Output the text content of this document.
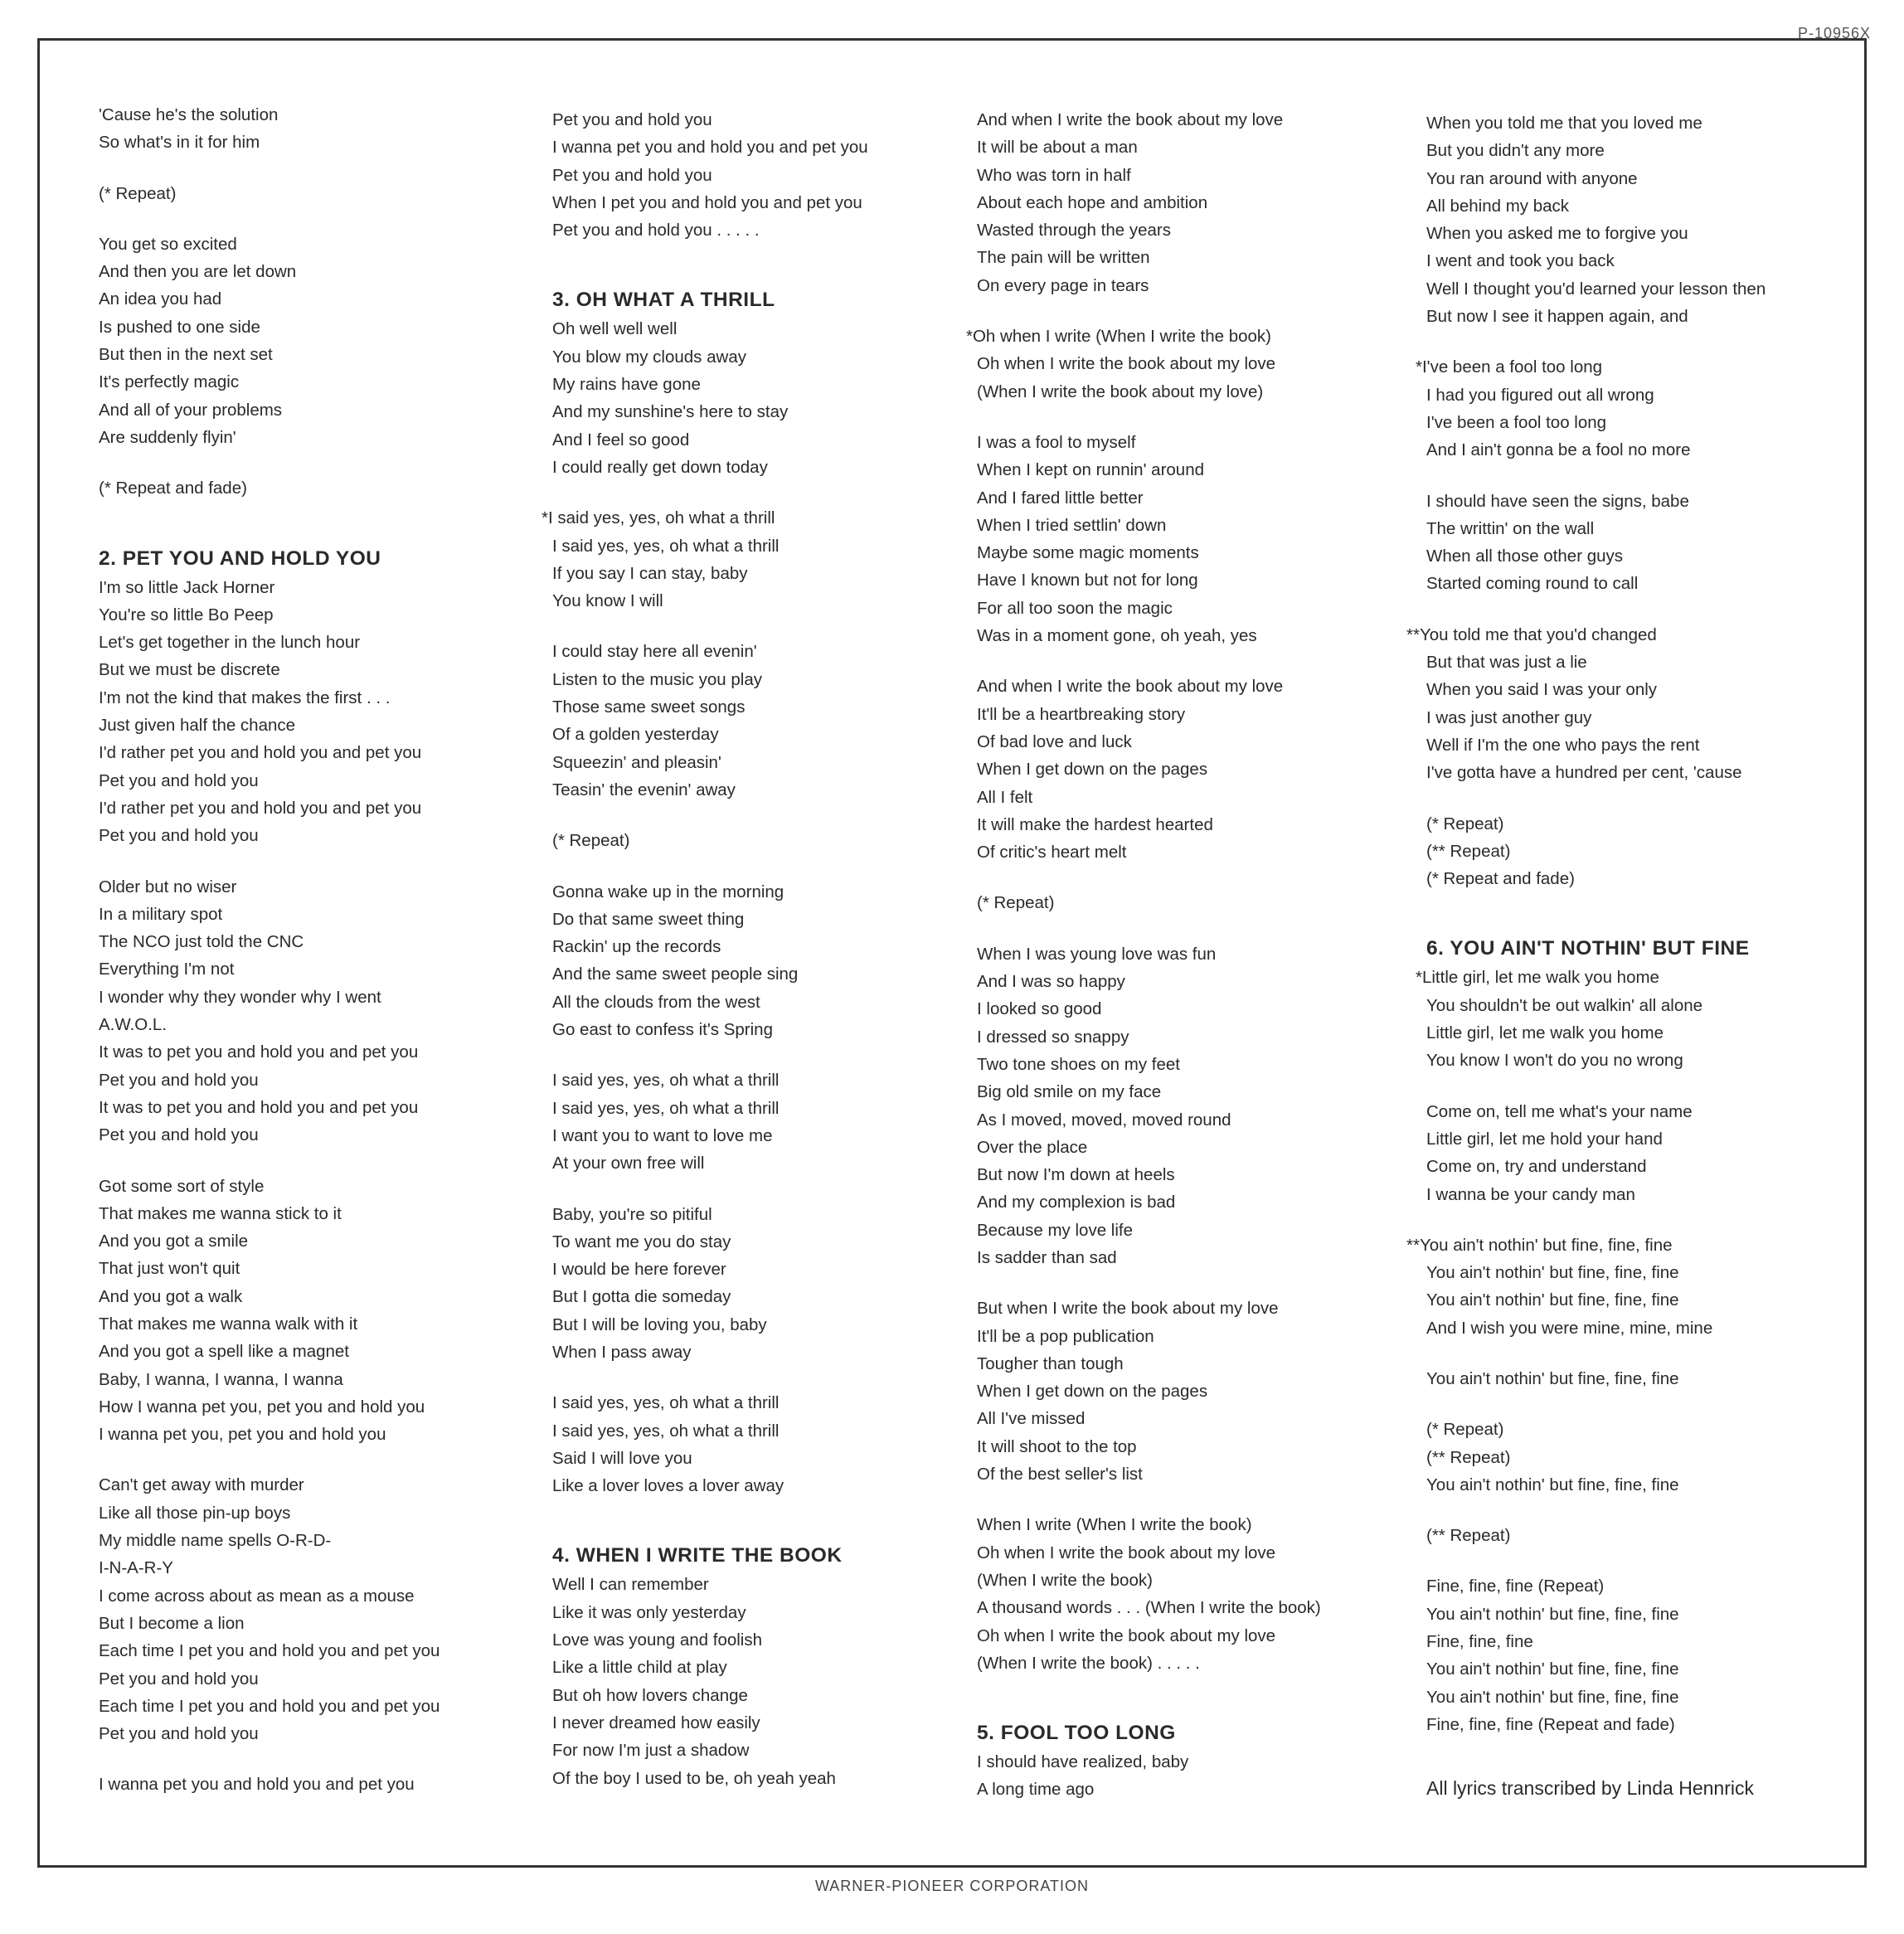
P-10956X
'Cause he's the solution
So what's in it for him
(* Repeat)
You get so excited
And then you are let down
An idea you had
Is pushed to one side
But then in the next set
It's perfectly magic
And all of your problems
Are suddenly flyin'
(* Repeat and fade)
2. PET YOU AND HOLD YOU
I'm so little Jack Horner
You're so little Bo Peep
Let's get together in the lunch hour
But we must be discrete
I'm not the kind that makes the first . . .
Just given half the chance
I'd rather pet you and hold you and pet you
Pet you and hold you
I'd rather pet you and hold you and pet you
Pet you and hold you
Older but no wiser
In a military spot
The NCO just told the CNC
Everything I'm not
I wonder why they wonder why I went
A.W.O.L.
It was to pet you and hold you and pet you
Pet you and hold you
It was to pet you and hold you and pet you
Pet you and hold you
Got some sort of style
That makes me wanna stick to it
And you got a smile
That just won't quit
And you got a walk
That makes me wanna walk with it
And you got a spell like a magnet
Baby, I wanna, I wanna, I wanna
How I wanna pet you, pet you and hold you
I wanna pet you, pet you and hold you
Can't get away with murder
Like all those pin-up boys
My middle name spells O-R-D-
I-N-A-R-Y
I come across about as mean as a mouse
But I become a lion
Each time I pet you and hold you and pet you
Pet you and hold you
Each time I pet you and hold you and pet you
Pet you and hold you
I wanna pet you and hold you and pet you
Pet you and hold you
I wanna pet you and hold you and pet you
Pet you and hold you
When I pet you and hold you and pet you
Pet you and hold you . . . . .
3. OH WHAT A THRILL
Oh well well well
You blow my clouds away
My rains have gone
And my sunshine's here to stay
And I feel so good
I could really get down today
*I said yes, yes, oh what a thrill
I said yes, yes, oh what a thrill
If you say I can stay, baby
You know I will
I could stay here all evenin'
Listen to the music you play
Those same sweet songs
Of a golden yesterday
Squeezin' and pleasin'
Teasin' the evenin' away
(* Repeat)
Gonna wake up in the morning
Do that same sweet thing
Rackin' up the records
And the same sweet people sing
All the clouds from the west
Go east to confess it's Spring
I said yes, yes, oh what a thrill
I said yes, yes, oh what a thrill
I want you to want to love me
At your own free will
Baby, you're so pitiful
To want me you do stay
I would be here forever
But I gotta die someday
But I will be loving you, baby
When I pass away
I said yes, yes, oh what a thrill
I said yes, yes, oh what a thrill
Said I will love you
Like a lover loves a lover away
4. WHEN I WRITE THE BOOK
Well I can remember
Like it was only yesterday
Love was young and foolish
Like a little child at play
But oh how lovers change
I never dreamed how easily
For now I'm just a shadow
Of the boy I used to be, oh yeah yeah
And when I write the book about my love
It will be about a man
Who was torn in half
About each hope and ambition
Wasted through the years
The pain will be written
On every page in tears
*Oh when I write (When I write the book)
Oh when I write the book about my love
(When I write the book about my love)
I was a fool to myself
When I kept on runnin' around
And I fared little better
When I tried settlin' down
Maybe some magic moments
Have I known but not for long
For all too soon the magic
Was in a moment gone, oh yeah, yes
And when I write the book about my love
It'll be a heartbreaking story
Of bad love and luck
When I get down on the pages
All I felt
It will make the hardest hearted
Of critic's heart melt
(* Repeat)
When I was young love was fun
And I was so happy
I looked so good
I dressed so snappy
Two tone shoes on my feet
Big old smile on my face
As I moved, moved, moved round
Over the place
But now I'm down at heels
And my complexion is bad
Because my love life
Is sadder than sad
But when I write the book about my love
It'll be a pop publication
Tougher than tough
When I get down on the pages
All I've missed
It will shoot to the top
Of the best seller's list
When I write (When I write the book)
Oh when I write the book about my love
(When I write the book)
A thousand words . . . (When I write the book)
Oh when I write the book about my love
(When I write the book) . . . . .
5. FOOL TOO LONG
I should have realized, baby
A long time ago
When you told me that you loved me
But you didn't any more
You ran around with anyone
All behind my back
When you asked me to forgive you
I went and took you back
Well I thought you'd learned your lesson then
But now I see it happen again, and
*I've been a fool too long
I had you figured out all wrong
I've been a fool too long
And I ain't gonna be a fool no more
I should have seen the signs, babe
The writtin' on the wall
When all those other guys
Started coming round to call
**You told me that you'd changed
But that was just a lie
When you said I was your only
I was just another guy
Well if I'm the one who pays the rent
I've gotta have a hundred per cent, 'cause
(* Repeat)
(** Repeat)
(* Repeat and fade)
6. YOU AIN'T NOTHIN' BUT FINE
*Little girl, let me walk you home
You shouldn't be out walkin' all alone
Little girl, let me walk you home
You know I won't do you no wrong
Come on, tell me what's your name
Little girl, let me hold your hand
Come on, try and understand
I wanna be your candy man
**You ain't nothin' but fine, fine, fine
You ain't nothin' but fine, fine, fine
You ain't nothin' but fine, fine, fine
And I wish you were mine, mine, mine
You ain't nothin' but fine, fine, fine
(* Repeat)
(** Repeat)
You ain't nothin' but fine, fine, fine
(** Repeat)
Fine, fine, fine (Repeat)
You ain't nothin' but fine, fine, fine
Fine, fine, fine
You ain't nothin' but fine, fine, fine
You ain't nothin' but fine, fine, fine
Fine, fine, fine (Repeat and fade)
All lyrics transcribed by Linda Hennrick
WARNER-PIONEER CORPORATION
